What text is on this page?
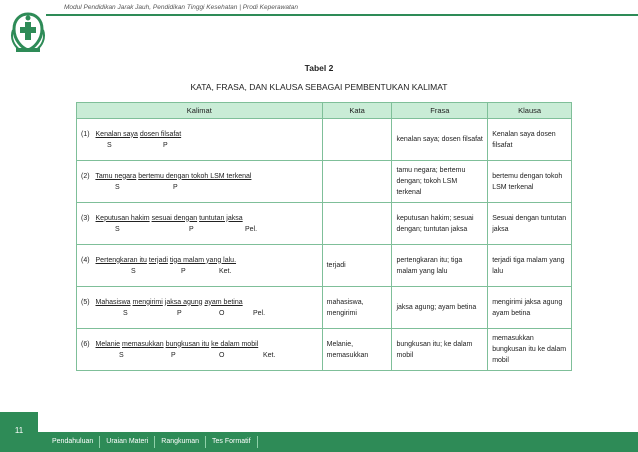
Modul Pendidikan Jarak Jauh, Pendidikan Tinggi Kesehatan | Prodi Keperawatan
Tabel 2
KATA, FRASA, DAN KLAUSA SEBAGAI PEMBENTUKAN KALIMAT
Kalimat	Kata	Frasa	Klausa

(1) Kenalan saya dosen filsafat
S P		kenalan saya; dosen filsafat	Kenalan saya dosen filsafat

(2) Tamu negara bertemu dengan tokoh LSM terkenal
S P		tamu negara; bertemu dengan; tokoh LSM terkenal	bertemu dengan tokoh LSM terkenal

(3) Keputusan hakim sesuai dengan tuntutan jaksa
S P Pel.		keputusan hakim; sesuai dengan; tuntutan jaksa	Sesuai dengan tuntutan jaksa

(4) Pertengkaran itu terjadi tiga malam yang lalu.
S P Ket.	terjadi	pertengkaran itu; tiga malam yang lalu	terjadi tiga malam yang lalu

(5) Mahasiswa mengirimi jaksa agung ayam betina
S P O Pel.	mahasiswa, mengirimi	jaksa agung; ayam betina	mengirimi jaksa agung ayam betina

(6) Melanie memasukkan bungkusan itu ke dalam mobil
S P O Ket.	Melanie, memasukkan	bungkusan itu; ke dalam mobil	memasukkan bungkusan itu ke dalam mobil
11
Pendahuluan	Uraian Materi	Rangkuman	Tes Formatif
